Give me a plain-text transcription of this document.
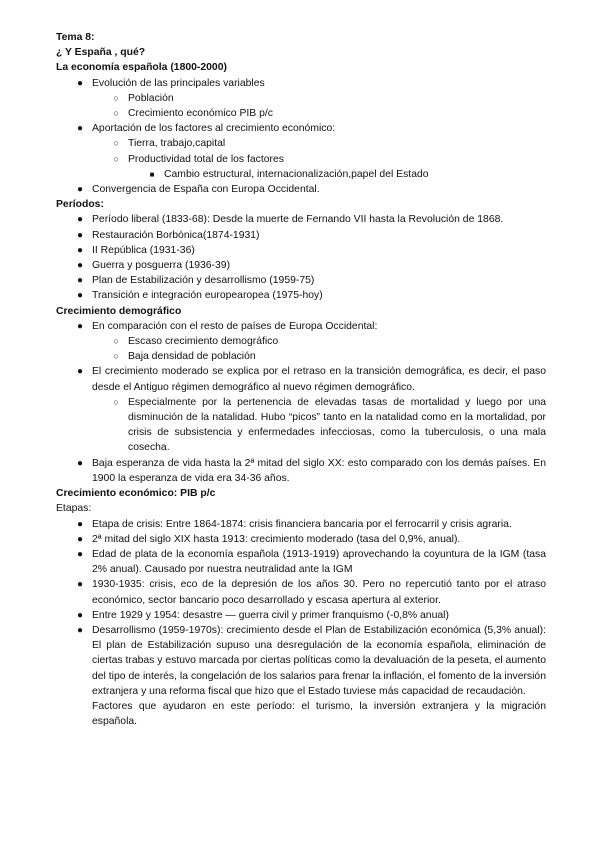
Tema 8:
¿ Y España , qué?
La economía española (1800-2000)
● Evolución de las principales variables
○ Población
○ Crecimiento económico PIB p/c
● Aportación de los factores al crecimiento económico:
○ Tierra, trabajo,capital
○ Productividad total de los factores
■ Cambio estructural, internacionalización,papel del Estado
● Convergencia de España con Europa Occidental.
Períodos:
● Período liberal (1833-68): Desde la muerte de Fernando VII hasta la Revolución de 1868.
● Restauración Borbónica(1874-1931)
● II República (1931-36)
● Guerra y posguerra (1936-39)
● Plan de Estabilización y desarrollismo (1959-75)
● Transición e integración europearopea (1975-hoy)
Crecimiento demográfico
● En comparación con el resto de países de Europa Occidental:
○ Escaso crecimiento demográfico
○ Baja densidad de población
● El crecimiento moderado se explica por el retraso en la transición demográfica, es decir, el paso desde el Antiguo régimen demográfico al nuevo régimen demográfico.
○ Especialmente por la pertenencia de elevadas tasas de mortalidad y luego por una disminución de la natalidad. Hubo “picos” tanto en la natalidad como en la mortalidad, por crisis de subsistencia y enfermedades infecciosas, como la tuberculosis, o una mala cosecha.
● Baja esperanza de vida hasta la 2ª mitad del siglo XX: esto comparado con los demás países. En 1900 la esperanza de vida era 34-36 años.
Crecimiento económico: PIB p/c
Etapas:
● Etapa de crisis: Entre 1864-1874: crisis financiera bancaria por el ferrocarril y crisis agraria.
● 2ª mitad del siglo XIX hasta 1913: crecimiento moderado (tasa del 0,9%, anual).
● Edad de plata de la economía española (1913-1919) aprovechando la coyuntura de la IGM (tasa 2% anual). Causado por nuestra neutralidad ante la IGM
● 1930-1935: crisis, eco de la depresión de los años 30. Pero no repercutió tanto por el atraso económico, sector bancario poco desarrollado y escasa apertura al exterior.
● Entre 1929 y 1954: desastre — guerra civil y primer franquismo (-0,8% anual)
● Desarrollismo (1959-1970s): crecimiento desde el Plan de Estabilización económica (5,3% anual): El plan de Estabilización supuso una desregulación de la economía española, eliminación de ciertas trabas y estuvo marcada por ciertas políticas como la devaluación de la peseta, el aumento del tipo de interés, la congelación de los salarios para frenar la inflación, el fomento de la inversión extranjera y una reforma fiscal que hizo que el Estado tuviese más capacidad de recaudación.
Factores que ayudaron en este período: el turismo, la inversión extranjera y la migración española.
